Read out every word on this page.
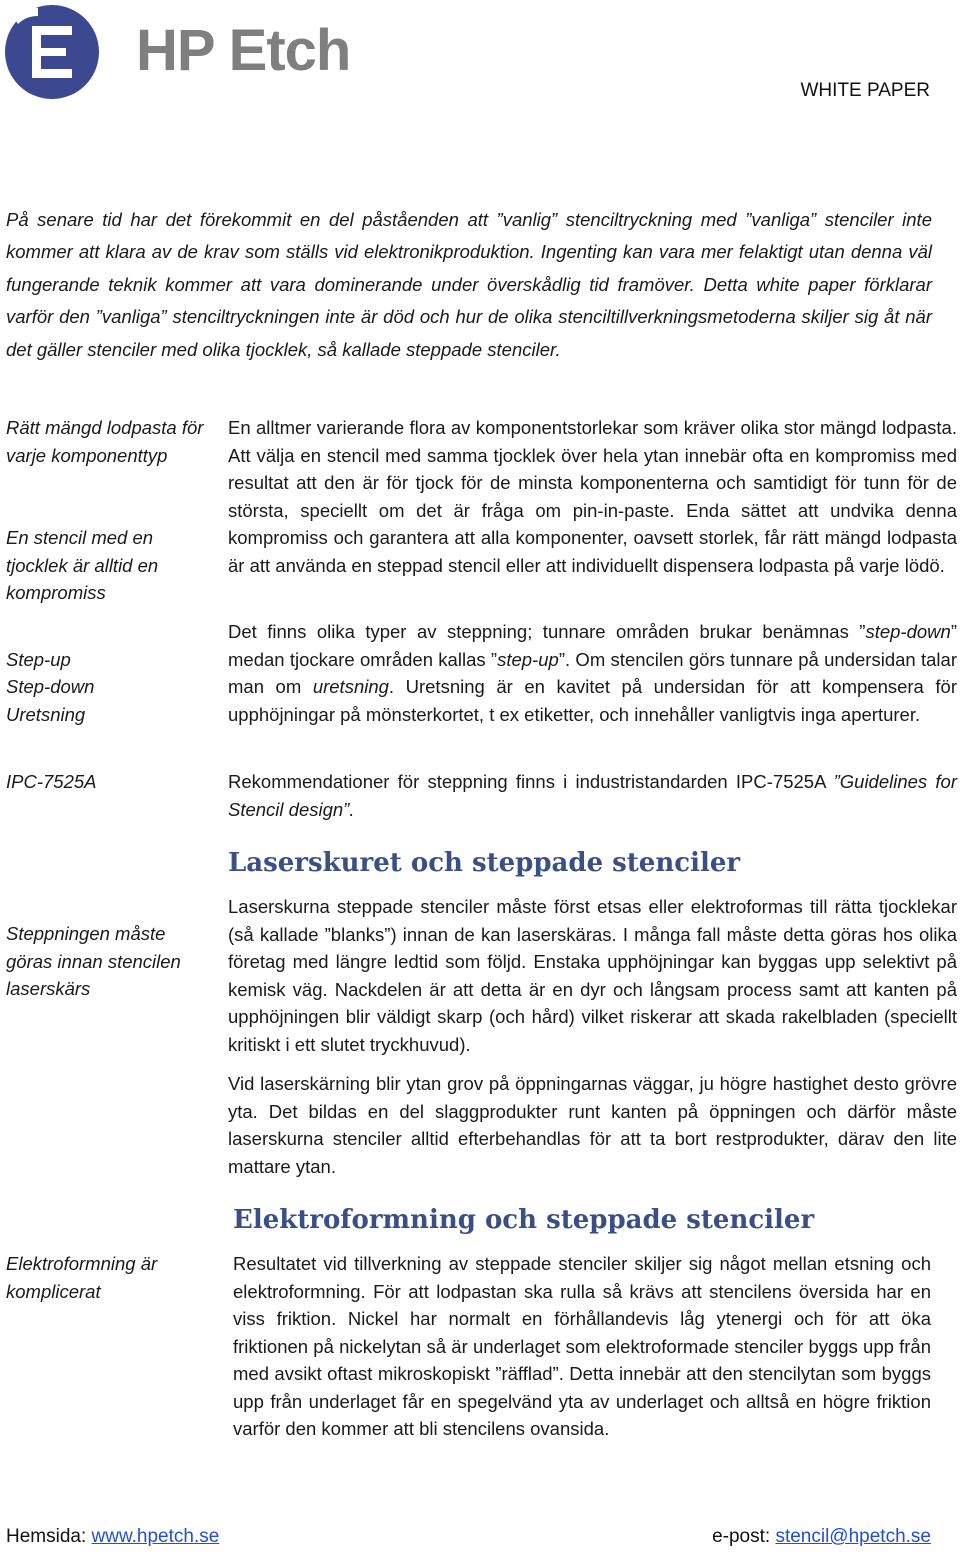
HP Etch
WHITE PAPER
På senare tid har det förekommit en del påståenden att ”vanlig” stenciltryckning med ”vanliga” stenciler inte kommer att klara av de krav som ställs vid elektronikproduktion. Ingenting kan vara mer felaktigt utan denna väl fungerande teknik kommer att vara dominerande under överskådlig tid framöver. Detta white paper förklarar varför den ”vanliga” stenciltryckningen inte är död och hur de olika stenciltillverkningsmetoderna skiljer sig åt när det gäller stenciler med olika tjocklek, så kallade steppade stenciler.
Rätt mängd lodpasta för varje komponenttyp
En stencil med en tjocklek är alltid en kompromiss
Step-up
Step-down
Uretsning
IPC-7525A
Steppningen måste göras innan stencilen laserskärs
Elektroformning är komplicerat
En alltmer varierande flora av komponentstorlekar som kräver olika stor mängd lodpasta. Att välja en stencil med samma tjocklek över hela ytan innebär ofta en kompromiss med resultat att den är för tjock för de minsta komponenterna och samtidigt för tunn för de största, speciellt om det är fråga om pin-in-paste. Enda sättet att undvika denna kompromiss och garantera att alla komponenter, oavsett storlek, får rätt mängd lodpasta är att använda en steppad stencil eller att individuellt dispensera lodpasta på varje lödö.
Det finns olika typer av steppning; tunnare områden brukar benämnas ”step-down” medan tjockare områden kallas ”step-up”. Om stencilen görs tunnare på undersidan talar man om uretsning. Uretsning är en kavitet på undersidan för att kompensera för upphöjningar på mönsterkortet, t ex etiketter, och innehåller vanligtvis inga aperturer.
Rekommendationer för steppning finns i industristandarden IPC-7525A ”Guidelines for Stencil design”.
Laserskuret och steppade stenciler
Laserskurna steppade stenciler måste först etsas eller elektroformas till rätta tjocklekar (så kallade ”blanks”) innan de kan laserskäras. I många fall måste detta göras hos olika företag med längre ledtid som följd. Enstaka upphöjningar kan byggas upp selektivt på kemisk väg. Nackdelen är att detta är en dyr och långsam process samt att kanten på upphöjningen blir väldigt skarp (och hård) vilket riskerar att skada rakelbladen (speciellt kritiskt i ett slutet tryckhuvud).
Vid laserskärning blir ytan grov på öppningarnas väggar, ju högre hastighet desto grövre yta. Det bildas en del slaggprodukter runt kanten på öppningen och därför måste laserskurna stenciler alltid efterbehandlas för att ta bort restprodukter, därav den lite mattare ytan.
Elektroformning och steppade stenciler
Resultatet vid tillverkning av steppade stenciler skiljer sig något mellan etsning och elektroformning. För att lodpastan ska rulla så krävs att stencilens översida har en viss friktion. Nickel har normalt en förhållandevis låg ytenergi och för att öka friktionen på nickelytan så är underlaget som elektroformade stenciler byggs upp från med avsikt oftast mikroskopiskt ”räfflad”. Detta innebär att den stencilytan som byggs upp från underlaget får en spegelvänd yta av underlaget och alltså en högre friktion varför den kommer att bli stencilens ovansida.
Hemsida: www.hpetch.se	e-post: stencil@hpetch.se
